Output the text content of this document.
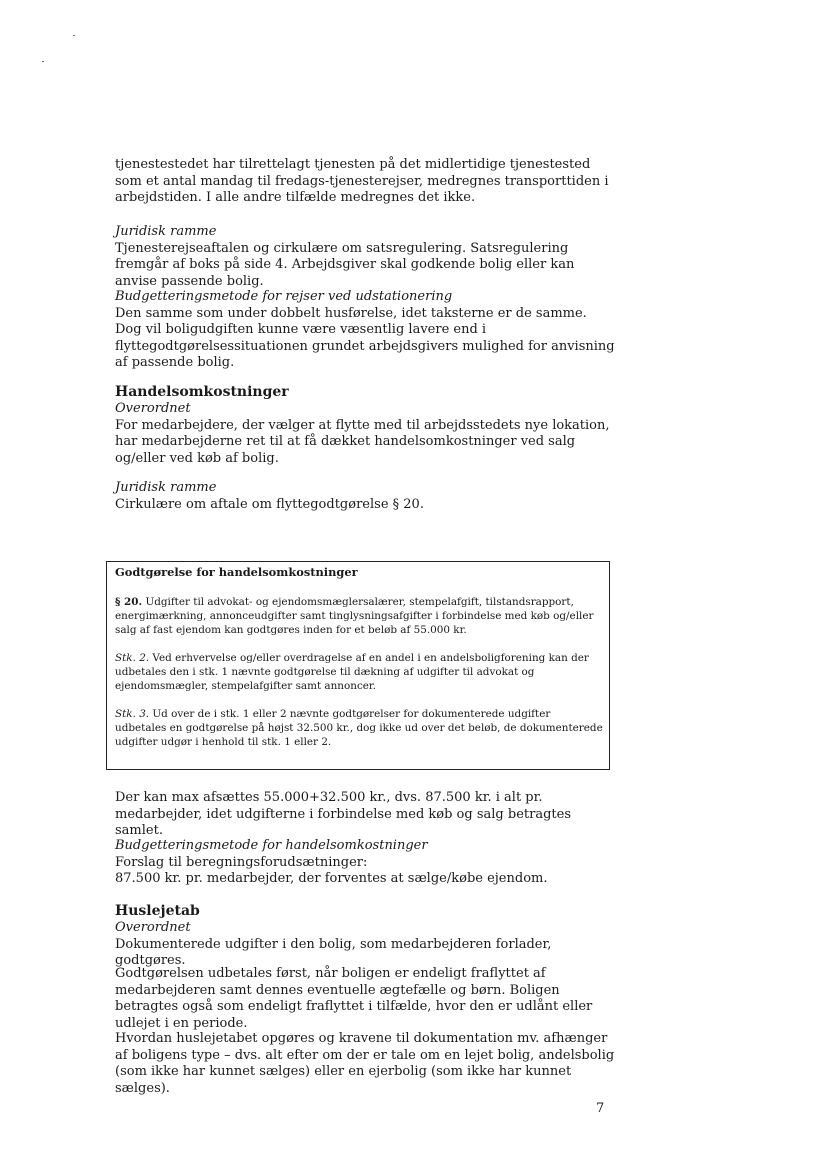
tjenestestedet har tilrettelagt tjenesten på det midlertidige tjenestested som et antal mandag til fredags-tjenesterejser, medregnes transporttiden i arbejdstiden. I alle andre tilfælde medregnes det ikke.

Juridisk ramme

Tjenesterejseaftalen og cirkulære om satsregulering. Satsregulering fremgår af boks på side 4. Arbejdsgiver skal godkende bolig eller kan anvise passende bolig.

Budgetteringsmetode for rejser ved udstationering

Den samme som under dobbelt husførelse, idet taksterne er de samme. Dog vil boligudgiften kunne være væsentlig lavere end i flyttegodtgørelsessituationen grundet arbejdsgivers mulighed for anvisning af passende bolig.

Handelsomkostninger

Overordnet

For medarbejdere, der vælger at flytte med til arbejdsstedets nye lokation, har medarbejderne ret til at få dækket handelsomkostninger ved salg og/eller ved køb af bolig.

Juridisk ramme

Cirkulære om aftale om flyttegodtgørelse § 20.

Godtgørelse for handelsomkostninger

§ 20. Udgifter til advokat- og ejendomsmæglersalærer, stempelafgift, tilstandsrapport, energimærkning, annonceudgifter samt tinglysningsafgifter i forbindelse med køb og/eller salg af fast ejendom kan godtgøres inden for et beløb af 55.000 kr.

Stk. 2. Ved erhvervelse og/eller overdragelse af en andel i en andelsboligforening kan der udbetales den i stk. 1 nævnte godtgørelse til dækning af udgifter til advokat og ejendomsmægler, stempelafgifter samt annoncer.

Stk. 3. Ud over de i stk. 1 eller 2 nævnte godtgørelser for dokumenterede udgifter udbetales en godtgørelse på højst 32.500 kr., dog ikke ud over det beløb, de dokumenterede udgifter udgør i henhold til stk. 1 eller 2.

Der kan max afsættes 55.000+32.500 kr., dvs. 87.500 kr. i alt pr. medarbejder, idet udgifterne i forbindelse med køb og salg betragtes samlet.

Budgetteringsmetode for handelsomkostninger

Forslag til beregningsforudsætninger:

87.500 kr. pr. medarbejder, der forventes at sælge/købe ejendom.

Huslejetab

Overordnet

Dokumenterede udgifter i den bolig, som medarbejderen forlader, godtgøres.

Godtgørelsen udbetales først, når boligen er endeligt fraflyttet af medarbejderen samt dennes eventuelle ægtefælle og børn. Boligen betragtes også som endeligt fraflyttet i tilfælde, hvor den er udlånt eller udlejet i en periode.

Hvordan huslejetabet opgøres og kravene til dokumentation mv. afhænger af boligens type – dvs. alt efter om der er tale om en lejet bolig, andelsbolig (som ikke har kunnet sælges) eller en ejerbolig (som ikke har kunnet sælges).

7
